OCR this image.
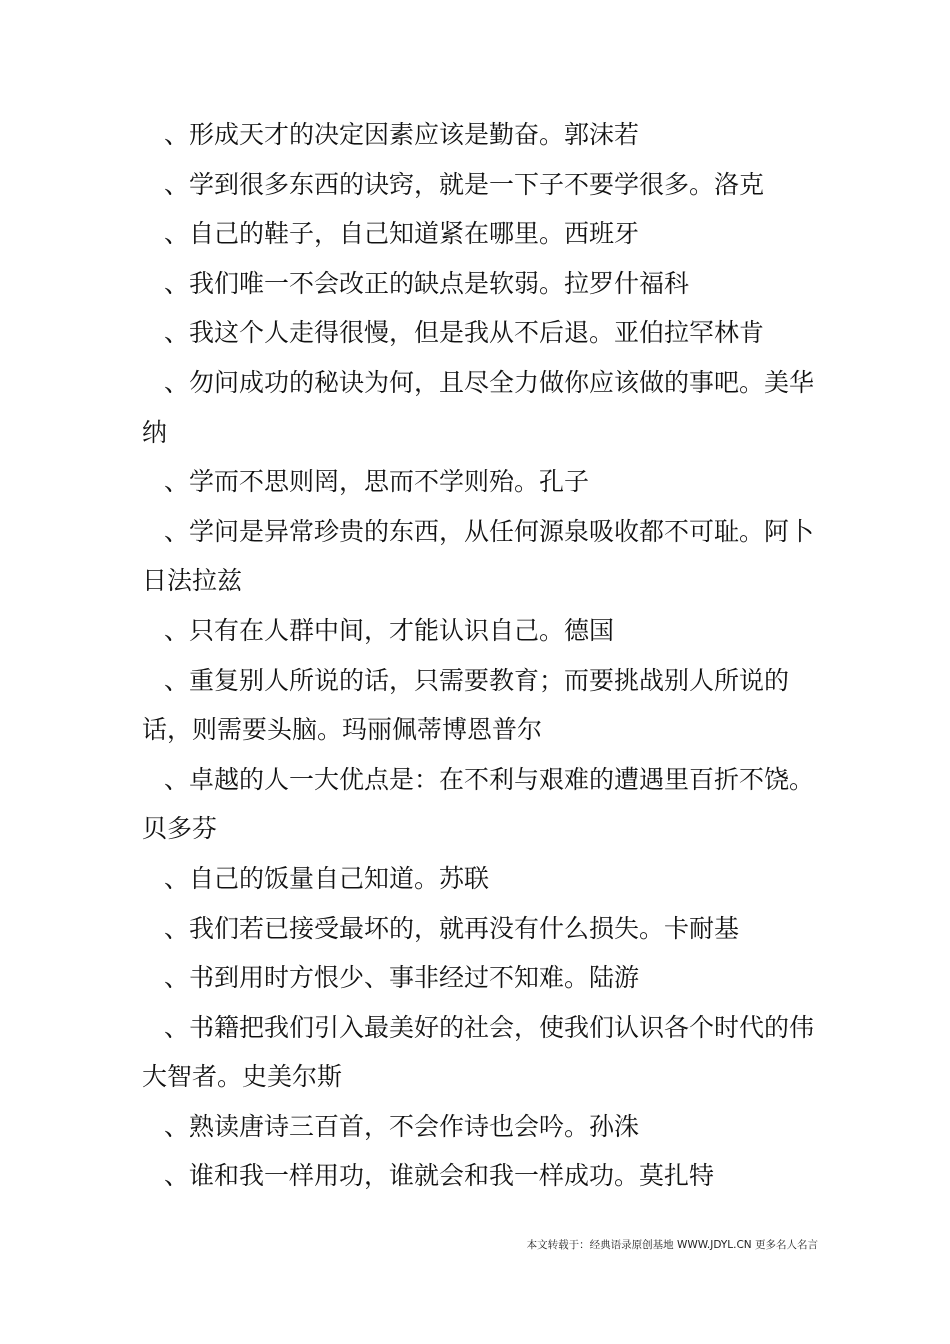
、形成天才的决定因素应该是勤奋。郭沫若

、学到很多东西的诀窍，就是一下子不要学很多。洛克

、自己的鞋子，自己知道紧在哪里。西班牙

、我们唯一不会改正的缺点是软弱。拉罗什福科

、我这个人走得很慢，但是我从不后退。亚伯拉罕林肯

、勿问成功的秘诀为何，且尽全力做你应该做的事吧。美华纳

、学而不思则罔，思而不学则殆。孔子

、学问是异常珍贵的东西，从任何源泉吸收都不可耻。阿卜日法拉兹

、只有在人群中间，才能认识自己。德国

、重复别人所说的话，只需要教育；而要挑战别人所说的话，则需要头脑。玛丽佩蒂博恩普尔

、卓越的人一大优点是：在不利与艰难的遭遇里百折不饶。贝多芬

、自己的饭量自己知道。苏联

、我们若已接受最坏的，就再没有什么损失。卡耐基

、书到用时方恨少、事非经过不知难。陆游

、书籍把我们引入最美好的社会，使我们认识各个时代的伟大智者。史美尔斯

、熟读唐诗三百首，不会作诗也会吟。孙洙

、谁和我一样用功，谁就会和我一样成功。莫扎特

本文转载于：经典语录原创基地 WWW.JDYL.CN 更多名人名言
